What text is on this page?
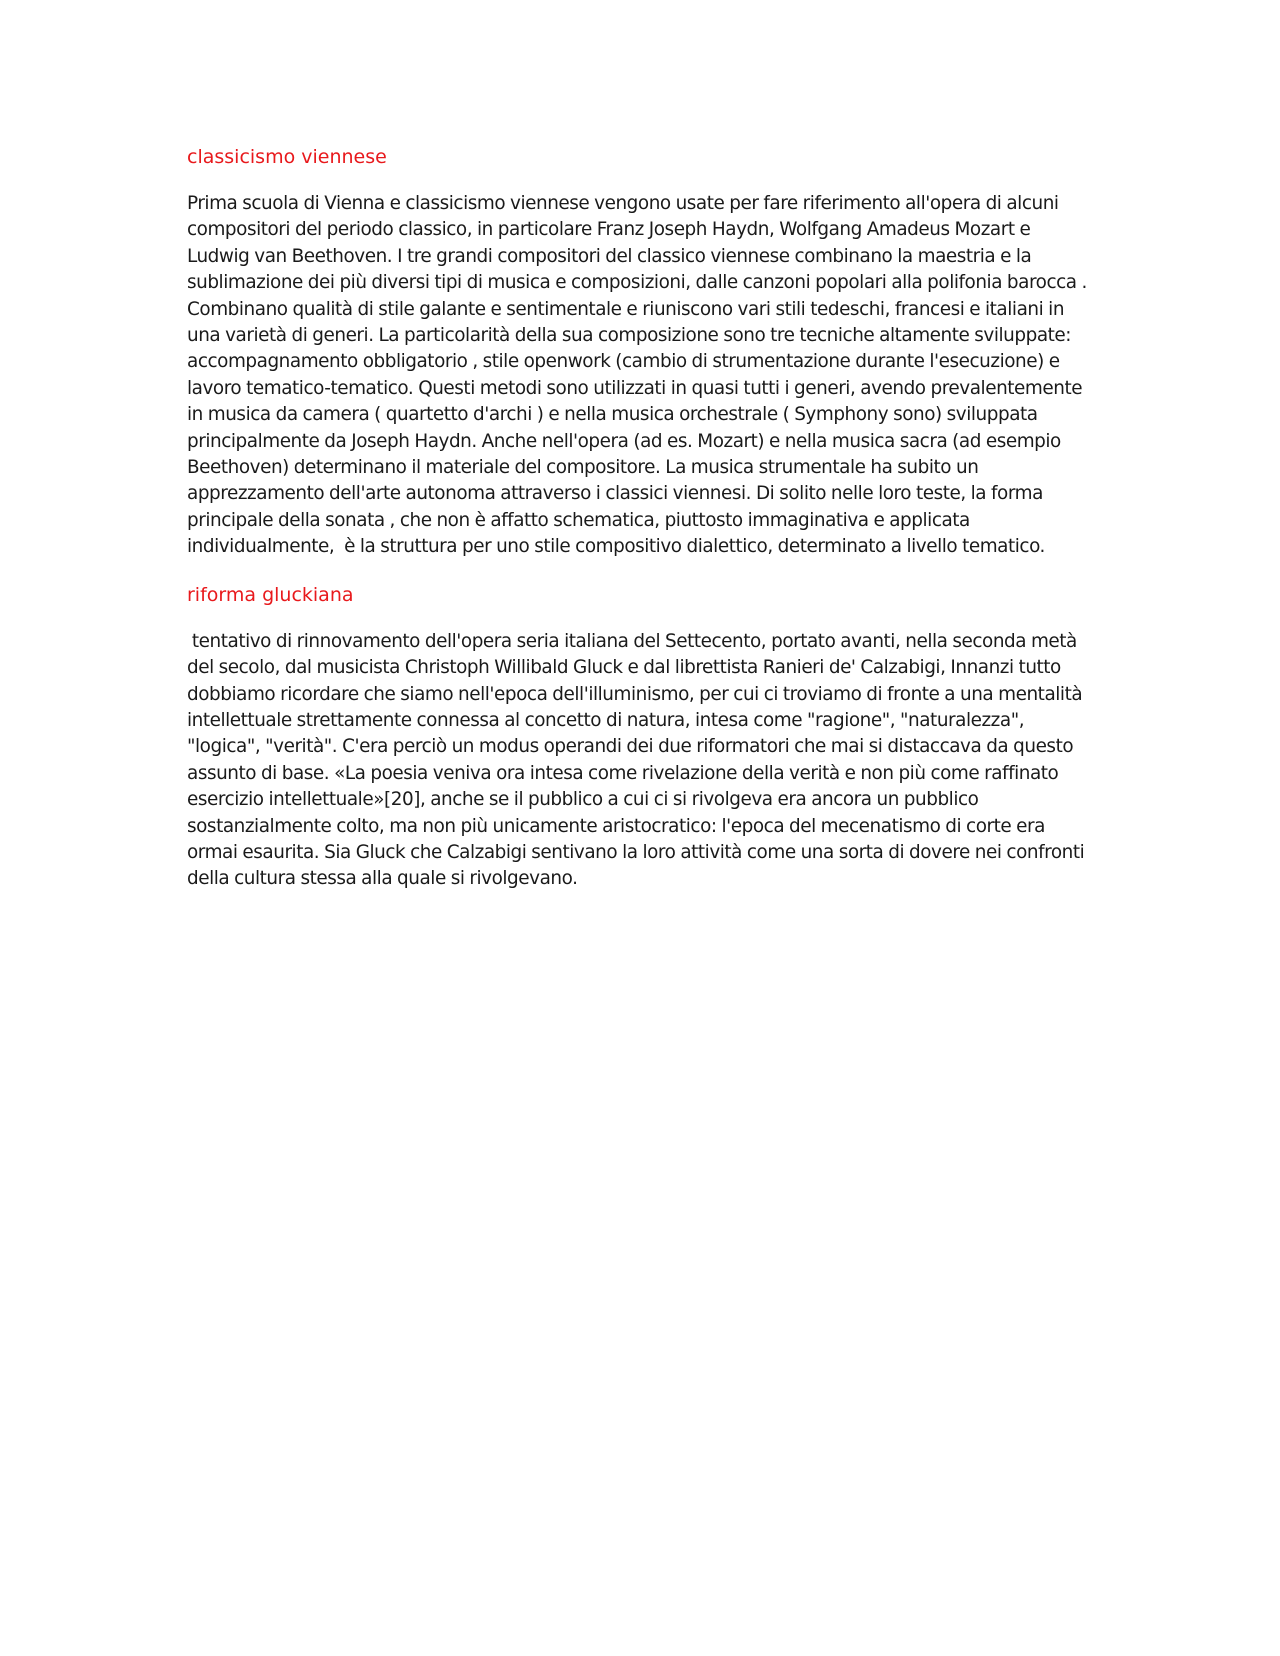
classicismo viennese

Prima scuola di Vienna e classicismo viennese vengono usate per fare riferimento all'opera di alcuni compositori del periodo classico, in particolare Franz Joseph Haydn, Wolfgang Amadeus Mozart e Ludwig van Beethoven. I tre grandi compositori del classico viennese combinano la maestria e la sublimazione dei più diversi tipi di musica e composizioni, dalle canzoni popolari alla polifonia barocca . Combinano qualità di stile galante e sentimentale e riuniscono vari stili tedeschi, francesi e italiani in una varietà di generi. La particolarità della sua composizione sono tre tecniche altamente sviluppate: accompagnamento obbligatorio , stile openwork (cambio di strumentazione durante l'esecuzione) e lavoro tematico-tematico. Questi metodi sono utilizzati in quasi tutti i generi, avendo prevalentemente in musica da camera ( quartetto d'archi ) e nella musica orchestrale ( Symphony sono) sviluppata principalmente da Joseph Haydn. Anche nell'opera (ad es. Mozart) e nella musica sacra (ad esempio Beethoven) determinano il materiale del compositore. La musica strumentale ha subito un apprezzamento dell'arte autonoma attraverso i classici viennesi. Di solito nelle loro teste, la forma principale della sonata , che non è affatto schematica, piuttosto immaginativa e applicata individualmente,  è la struttura per uno stile compositivo dialettico, determinato a livello tematico.

riforma gluckiana

tentativo di rinnovamento dell'opera seria italiana del Settecento, portato avanti, nella seconda metà del secolo, dal musicista Christoph Willibald Gluck e dal librettista Ranieri de' Calzabigi, Innanzi tutto dobbiamo ricordare che siamo nell'epoca dell'illuminismo, per cui ci troviamo di fronte a una mentalità intellettuale strettamente connessa al concetto di natura, intesa come "ragione", "naturalezza", "logica", "verità". C'era perciò un modus operandi dei due riformatori che mai si distaccava da questo assunto di base. «La poesia veniva ora intesa come rivelazione della verità e non più come raffinato esercizio intellettuale»[20], anche se il pubblico a cui ci si rivolgeva era ancora un pubblico sostanzialmente colto, ma non più unicamente aristocratico: l'epoca del mecenatismo di corte era ormai esaurita. Sia Gluck che Calzabigi sentivano la loro attività come una sorta di dovere nei confronti della cultura stessa alla quale si rivolgevano.
